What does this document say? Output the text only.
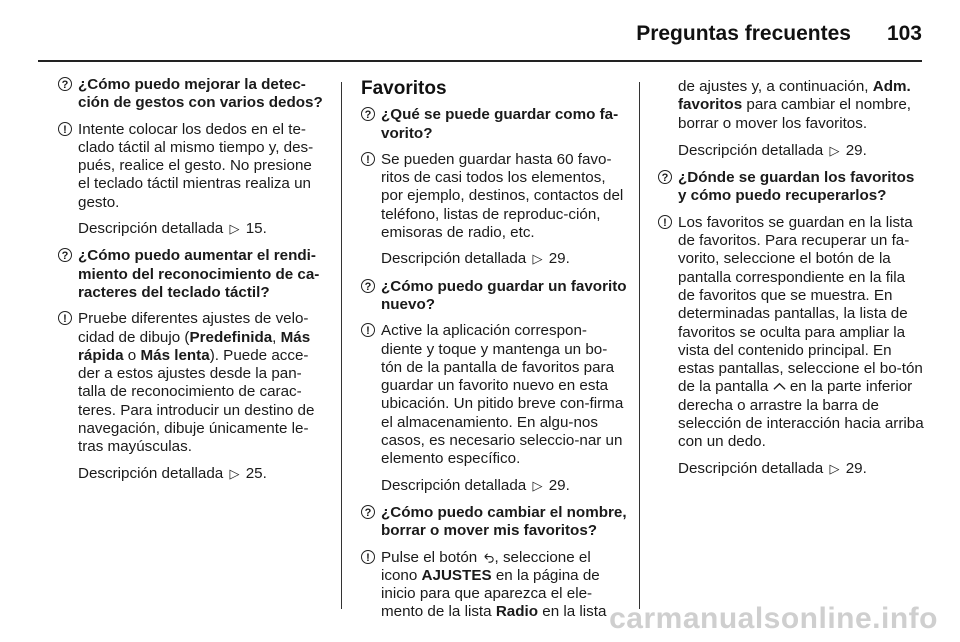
Preguntas frecuentes 103
? ¿Cómo puedo mejorar la detec-ción de gestos con varios dedos?
! Intente colocar los dedos en el te-clado táctil al mismo tiempo y, des-pués, realice el gesto. No presione el teclado táctil mientras realiza un gesto.
Descripción detallada ▷ 15.
? ¿Cómo puedo aumentar el rendi-miento del reconocimiento de ca-racteres del teclado táctil?
! Pruebe diferentes ajustes de velo-cidad de dibujo (Predefinida, Más rápida o Más lenta). Puede acce-der a estos ajustes desde la pan-talla de reconocimiento de carac-teres. Para introducir un destino de navegación, dibuje únicamente le-tras mayúsculas.
Descripción detallada ▷ 25.
Favoritos
? ¿Qué se puede guardar como fa-vorito?
! Se pueden guardar hasta 60 favo-ritos de casi todos los elementos, por ejemplo, destinos, contactos del teléfono, listas de reproduc-ción, emisoras de radio, etc.
Descripción detallada ▷ 29.
? ¿Cómo puedo guardar un favorito nuevo?
! Active la aplicación correspon-diente y toque y mantenga un bo-tón de la pantalla de favoritos para guardar un favorito nuevo en esta ubicación. Un pitido breve con-firma el almacenamiento. En algu-nos casos, es necesario seleccio-nar un elemento específico.
Descripción detallada ▷ 29.
? ¿Cómo puedo cambiar el nombre, borrar o mover mis favoritos?
! Pulse el botón , seleccione el icono AJUSTES en la página de inicio para que aparezca el ele-mento de la lista Radio en la lista
de ajustes y, a continuación, Adm. favoritos para cambiar el nombre, borrar o mover los favoritos.
Descripción detallada ▷ 29.
? ¿Dónde se guardan los favoritos y cómo puedo recuperarlos?
! Los favoritos se guardan en la lista de favoritos. Para recuperar un fa-vorito, seleccione el botón de la pantalla correspondiente en la fila de favoritos que se muestra. En determinadas pantallas, la lista de favoritos se oculta para ampliar la vista del contenido principal. En estas pantallas, seleccione el bo-tón de la pantalla en la parte inferior derecha o arrastre la barra de selección de interacción hacia arriba con un dedo.
Descripción detallada ▷ 29.
carmanualsonline.info
